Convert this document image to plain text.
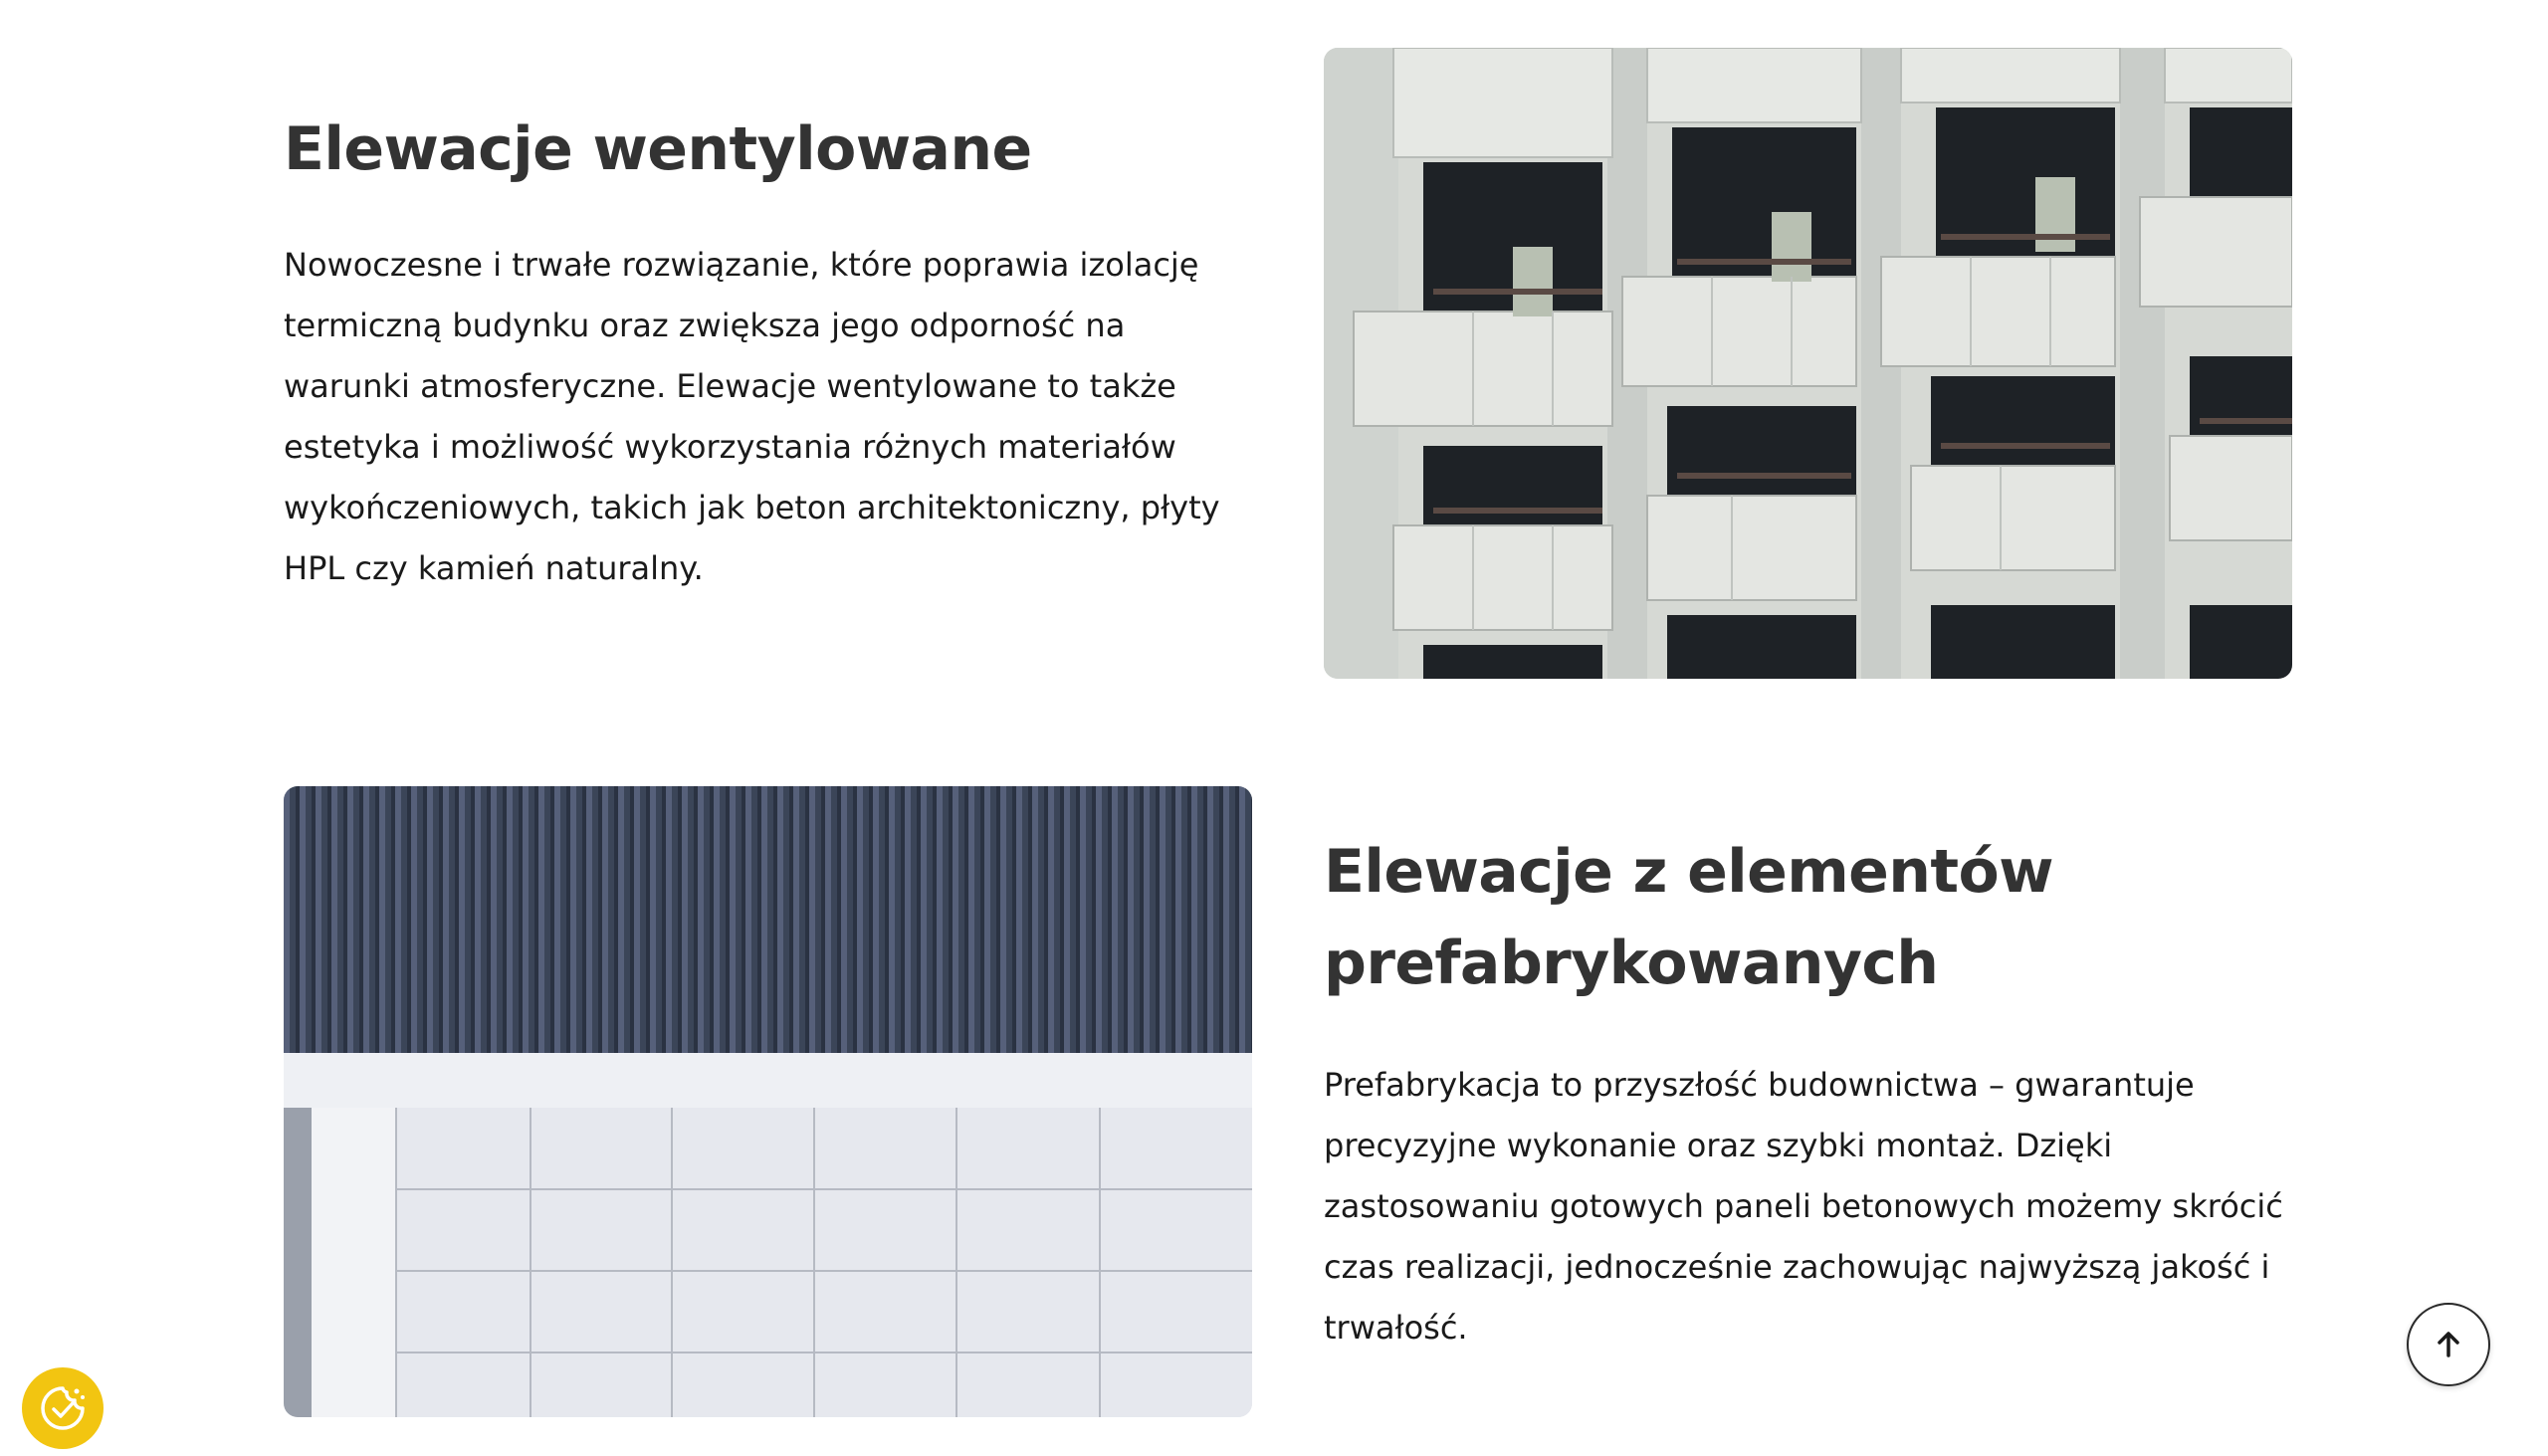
Elewacje wentylowane

Nowoczesne i trwałe rozwiązanie, które poprawia izolację termiczną budynku oraz zwiększa jego odporność na warunki atmosferyczne. Elewacje wentylowane to także estetyka i możliwość wykorzystania różnych materiałów wykończeniowych, takich jak beton architektoniczny, płyty HPL czy kamień naturalny.

Elewacje z elementów prefabrykowanych

Prefabrykacja to przyszłość budownictwa – gwarantuje precyzyjne wykonanie oraz szybki montaż. Dzięki zastosowaniu gotowych paneli betonowych możemy skrócić czas realizacji, jednocześnie zachowując najwyższą jakość i trwałość.
